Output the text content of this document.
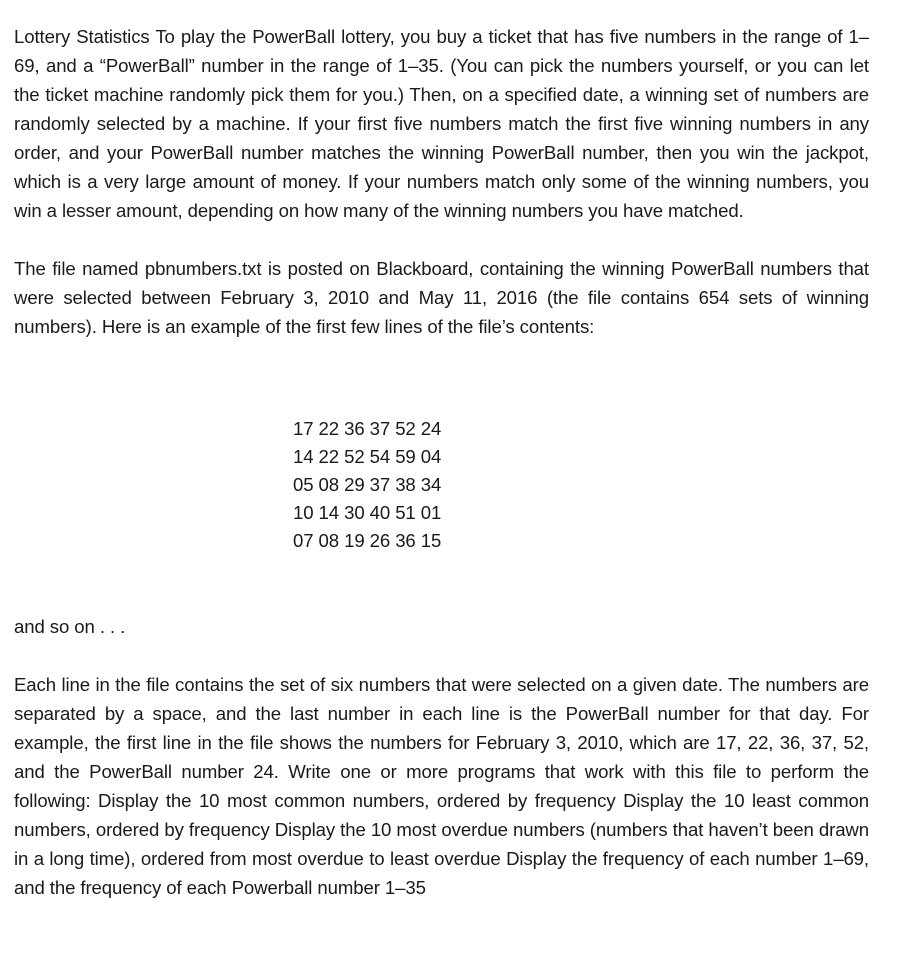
Lottery Statistics To play the PowerBall lottery, you buy a ticket that has five numbers in the range of 1–69, and a “PowerBall” number in the range of 1–35. (You can pick the numbers yourself, or you can let the ticket machine randomly pick them for you.) Then, on a specified date, a winning set of numbers are randomly selected by a machine. If your first five numbers match the first five winning numbers in any order, and your PowerBall number matches the winning PowerBall number, then you win the jackpot, which is a very large amount of money. If your numbers match only some of the winning numbers, you win a lesser amount, depending on how many of the winning numbers you have matched.

The file named pbnumbers.txt is posted on Blackboard, containing the winning PowerBall numbers that were selected between February 3, 2010 and May 11, 2016 (the file contains 654 sets of winning numbers). Here is an example of the first few lines of the file’s contents:

17 22 36 37 52 24
14 22 52 54 59 04
05 08 29 37 38 34
10 14 30 40 51 01
07 08 19 26 36 15

and so on . . .

Each line in the file contains the set of six numbers that were selected on a given date. The numbers are separated by a space, and the last number in each line is the PowerBall number for that day. For example, the first line in the file shows the numbers for February 3, 2010, which are 17, 22, 36, 37, 52, and the PowerBall number 24. Write one or more programs that work with this file to perform the following: Display the 10 most common numbers, ordered by frequency Display the 10 least common numbers, ordered by frequency Display the 10 most overdue numbers (numbers that haven’t been drawn in a long time), ordered from most overdue to least overdue Display the frequency of each number 1–69, and the frequency of each Powerball number 1–35
